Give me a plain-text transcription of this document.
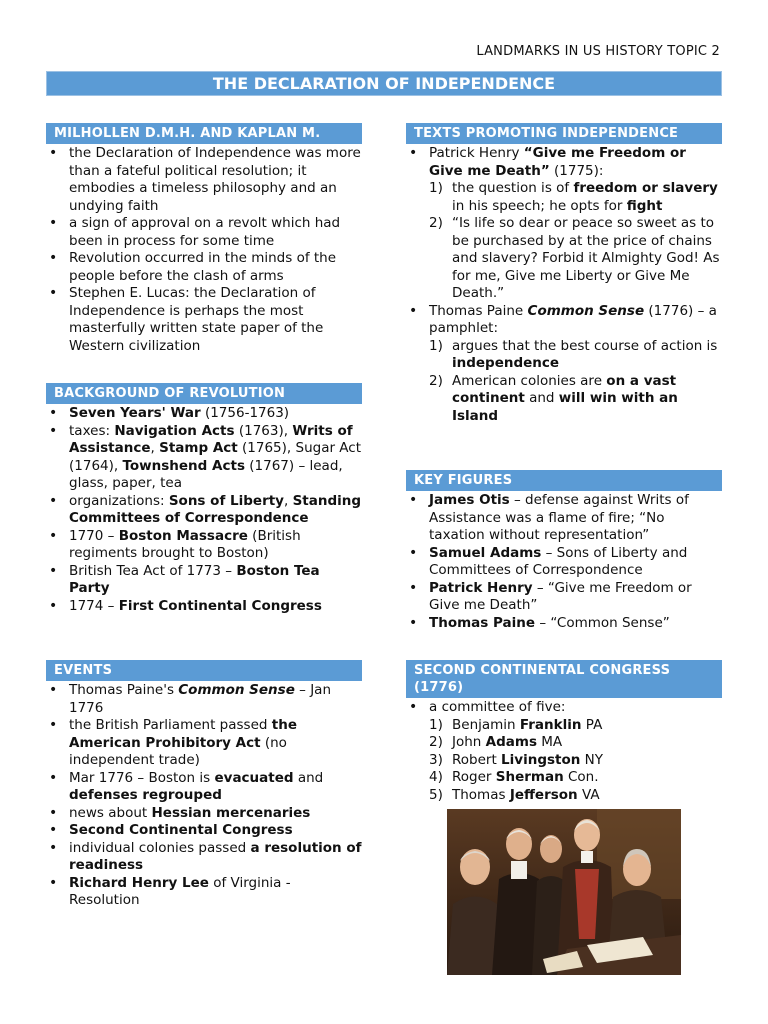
LANDMARKS IN US HISTORY TOPIC 2
THE DECLARATION OF INDEPENDENCE
MILHOLLEN D.M.H. AND KAPLAN M.
• the Declaration of Independence was more than a fateful political resolution; it embodies a timeless philosophy and an undying faith
• a sign of approval on a revolt which had been in process for some time
• Revolution occurred in the minds of the people before the clash of arms
• Stephen E. Lucas: the Declaration of Independence is perhaps the most masterfully written state paper of the Western civilization
BACKGROUND OF REVOLUTION
• Seven Years' War (1756-1763)
• taxes: Navigation Acts (1763), Writs of Assistance, Stamp Act (1765), Sugar Act (1764), Townshend Acts (1767) – lead, glass, paper, tea
• organizations: Sons of Liberty, Standing Committees of Correspondence
• 1770 – Boston Massacre (British regiments brought to Boston)
• British Tea Act of 1773 – Boston Tea Party
• 1774 – First Continental Congress
EVENTS
• Thomas Paine's Common Sense – Jan 1776
• the British Parliament passed the American Prohibitory Act (no independent trade)
• Mar 1776 – Boston is evacuated and defenses regrouped
• news about Hessian mercenaries
• Second Continental Congress
• individual colonies passed a resolution of readiness
• Richard Henry Lee of Virginia - Resolution
TEXTS PROMOTING INDEPENDENCE
• Patrick Henry “Give me Freedom or Give me Death” (1775):
1) the question is of freedom or slavery in his speech; he opts for fight
2) “Is life so dear or peace so sweet as to be purchased by at the price of chains and slavery? Forbid it Almighty God! As for me, Give me Liberty or Give Me Death.”
• Thomas Paine Common Sense (1776) – a pamphlet:
1) argues that the best course of action is independence
2) American colonies are on a vast continent and will win with an Island
KEY FIGURES
• James Otis – defense against Writs of Assistance was a flame of fire; “No taxation without representation”
• Samuel Adams – Sons of Liberty and Committees of Correspondence
• Patrick Henry – “Give me Freedom or Give me Death”
• Thomas Paine – “Common Sense”
SECOND CONTINENTAL CONGRESS (1776)
• a committee of five:
1) Benjamin Franklin PA
2) John Adams MA
3) Robert Livingston NY
4) Roger Sherman Con.
5) Thomas Jefferson VA
